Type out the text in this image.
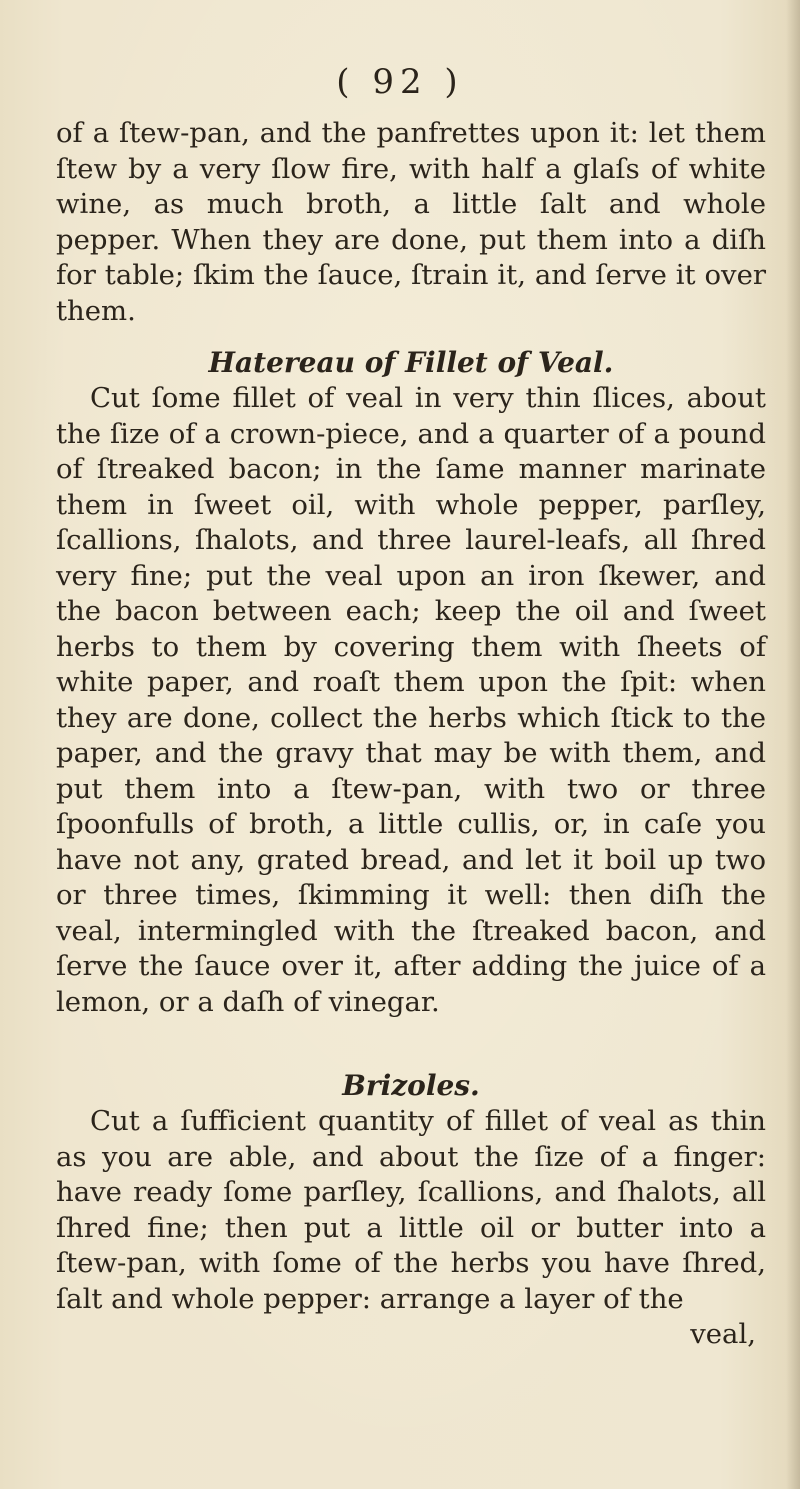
( 92 )

of a ſtew-pan, and the panfrettes upon it: let them ſtew by a very ſlow fire, with half a glaſs of white wine, as much broth, a little ſalt and whole pepper. When they are done, put them into a diſh for table; ſkim the ſauce, ſtrain it, and ſerve it over them.

Hatereau of Fillet of Veal.

Cut ſome fillet of veal in very thin ſlices, about the ſize of a crown-piece, and a quarter of a pound of ſtreaked bacon; in the ſame manner marinate them in ſweet oil, with whole pepper, parſley, ſcallions, ſhalots, and three laurel-leafs, all ſhred very fine; put the veal upon an iron ſkewer, and the bacon between each; keep the oil and ſweet herbs to them by covering them with ſheets of white paper, and roaſt them upon the ſpit: when they are done, collect the herbs which ſtick to the paper, and the gravy that may be with them, and put them into a ſtew-pan, with two or three ſpoonfulls of broth, a little cullis, or, in caſe you have not any, grated bread, and let it boil up two or three times, ſkimming it well: then diſh the veal, intermingled with the ſtreaked bacon, and ſerve the ſauce over it, after adding the juice of a lemon, or a daſh of vinegar.

Brizoles.

Cut a ſufficient quantity of fillet of veal as thin as you are able, and about the ſize of a finger: have ready ſome parſley, ſcallions, and ſhalots, all ſhred fine; then put a little oil or butter into a ſtew-pan, with ſome of the herbs you have ſhred, ſalt and whole pepper: arrange a layer of the

veal,
